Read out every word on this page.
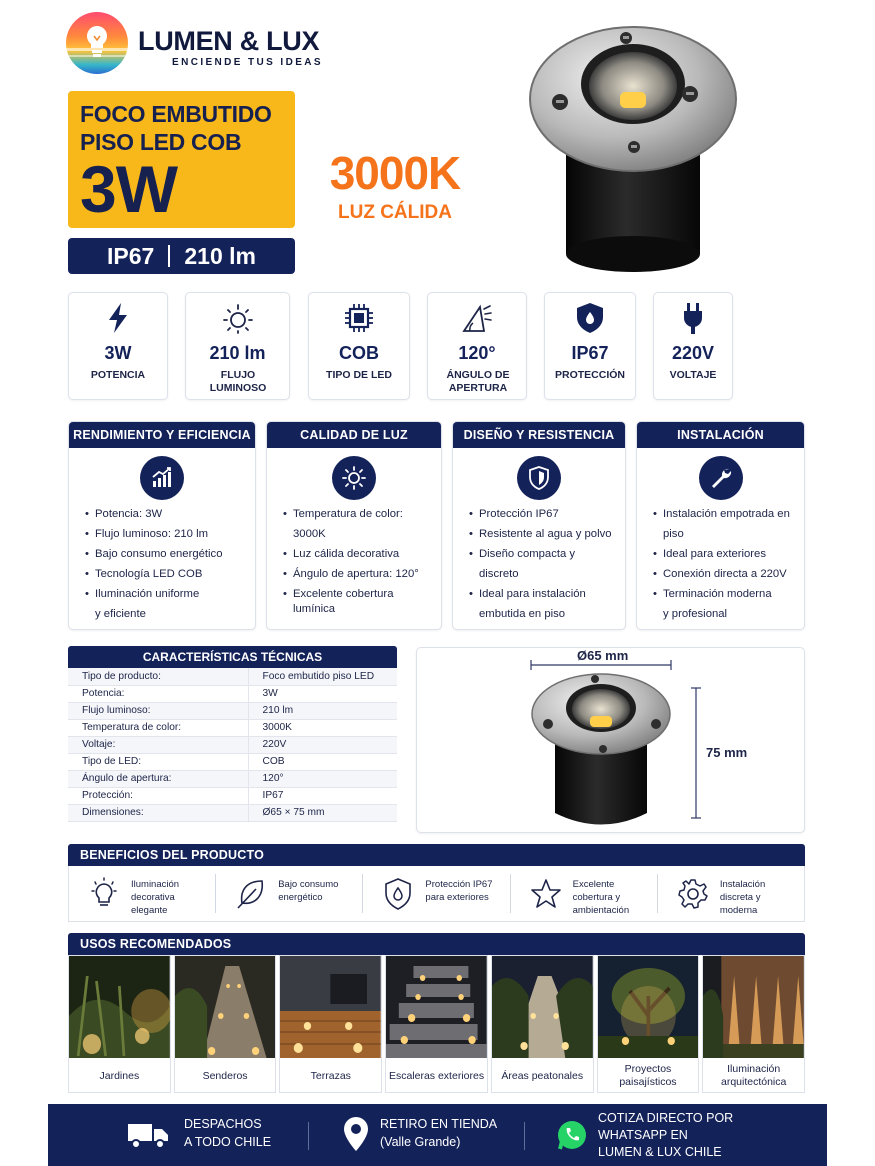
LUMEN & LUX
ENCIENDE TUS IDEAS
FOCO EMBUTIDO
PISO LED COB
3W
IP67 210 lm
3000K
LUZ CÁLIDA
3W
POTENCIA
210 lm
FLUJO LUMINOSO
COB
TIPO DE LED
120°
ÁNGULO DE APERTURA
IP67
PROTECCIÓN
220V
VOLTAJE
RENDIMIENTO Y EFICIENCIA
• Potencia: 3W
• Flujo luminoso: 210 lm
• Bajo consumo energético
• Tecnología LED COB
• Iluminación uniforme
y eficiente
CALIDAD DE LUZ
• Temperatura de color: 3000K
• Luz cálida decorativa
• Ángulo de apertura: 120°
• Excelente cobertura
lumínica
DISEÑO Y RESISTENCIA
• Protección IP67
• Resistente al agua y polvo
• Diseño compacta y discreto
• Ideal para instalación
embutida en piso
INSTALACIÓN
• Instalación empotrada en piso
• Ideal para exteriores
• Conexión directa a 220V
• Terminación moderna
y profesional
CARACTERÍSTICAS TÉCNICAS
Tipo de producto:	Foco embutido piso LED
Potencia:	3W
Flujo luminoso:	210 lm
Temperatura de color:	3000K
Voltaje:	220V
Tipo de LED:	COB
Ángulo de apertura:	120°
Protección:	IP67
Dimensiones:	Ø65 × 75 mm
Ø65 mm
75 mm
BENEFICIOS DEL PRODUCTO
Iluminación decorativa elegante
Bajo consumo energético
Protección IP67 para exteriores
Excelente cobertura y ambientación
Instalación discreta y moderna
USOS RECOMENDADOS
Jardines	Senderos	Terrazas	Escaleras exteriores	Áreas peatonales
Proyectos paisajísticos
Iluminación arquitectónica
DESPACHOS
A TODO CHILE
RETIRO EN TIENDA
(Valle Grande)
COTIZA DIRECTO POR
WHATSAPP EN
LUMEN & LUX CHILE
